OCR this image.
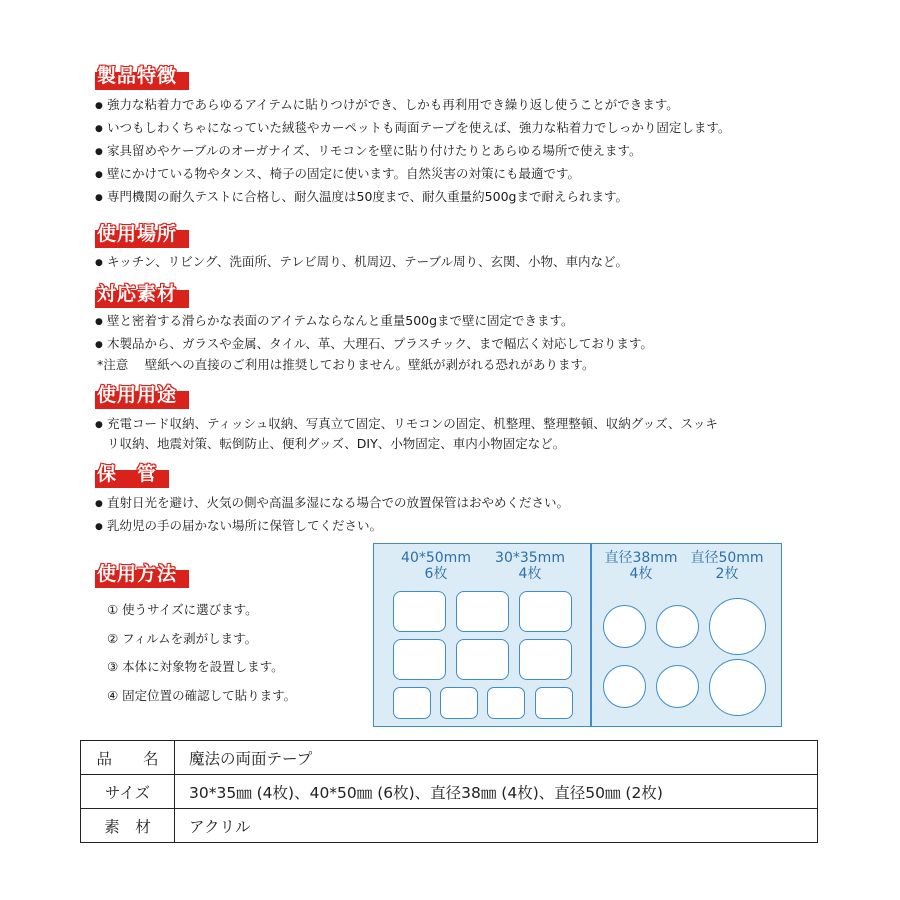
製品特徴
● 強力な粘着力であらゆるアイテムに貼りつけができ、しかも再利用でき繰り返し使うことができます。
● いつもしわくちゃになっていた絨毯やカーペットも両面テープを使えば、強力な粘着力でしっかり固定します。
● 家具留めやケーブルのオーガナイズ、リモコンを壁に貼り付けたりとあらゆる場所で使えます。
● 壁にかけている物やタンス、椅子の固定に使います。自然災害の対策にも最適です。
● 専門機関の耐久テストに合格し、耐久温度は50度まで、耐久重量約500gまで耐えられます。
使用場所
● キッチン、リビング、洗面所、テレビ周り、机周辺、テーブル周り、玄関、小物、車内など。
対応素材
● 壁と密着する滑らかな表面のアイテムならなんと重量500gまで壁に固定できます。
● 木製品から、ガラスや金属、タイル、革、大理石、プラスチック、まで幅広く対応しております。
*注意　 壁紙への直接のご利用は推奨しておりません。壁紙が剥がれる恐れがあります。
使用用途
● 充電コード収納、ティッシュ収納、写真立て固定、リモコンの固定、机整理、整理整頓、収納グッズ、スッキ
リ収納、地震対策、転倒防止、便利グッズ、DIY、小物固定、車内小物固定など。
保　管
● 直射日光を避け、火気の側や高温多湿になる場合での放置保管はおやめください。
● 乳幼児の手の届かない場所に保管してください。
使用方法
① 使うサイズに選びます。
② フィルムを剥がします。
③ 本体に対象物を設置します。
④ 固定位置の確認して貼ります。
40*50mm
6枚
30*35mm
4枚
直径38mm
4枚
直径50mm
2枚
品　　名	魔法の両面テープ
サイズ	30*35㎜ (4枚)、40*50㎜ (6枚)、直径38㎜ (4枚)、直径50㎜ (2枚)
素　材	アクリル
